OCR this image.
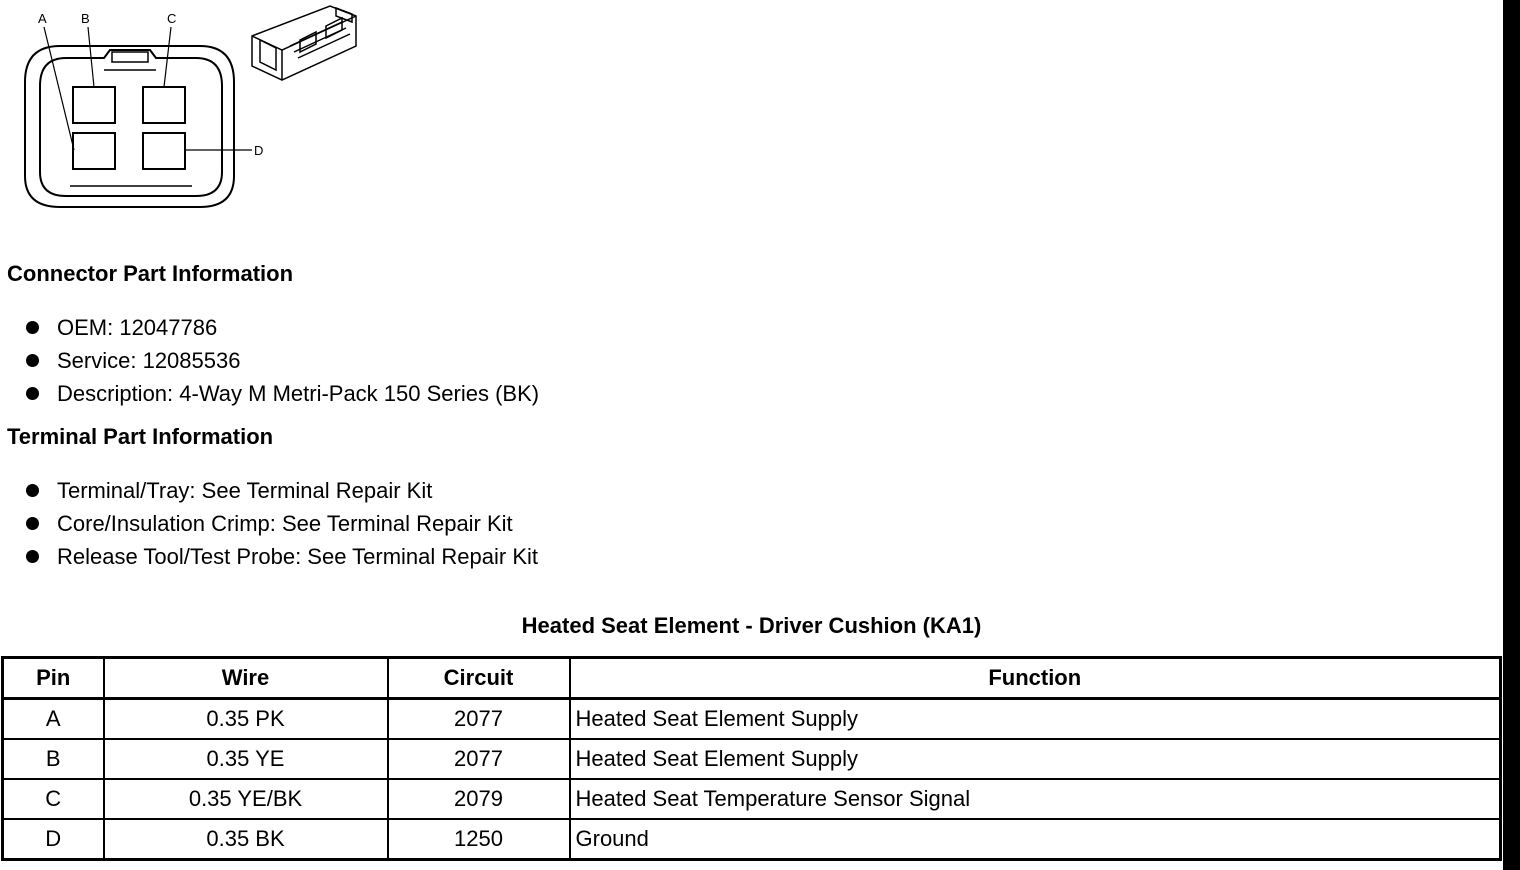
A	B	C
D
Connector Part Information
OEM: 12047786
Service: 12085536
Description: 4-Way M Metri-Pack 150 Series (BK)
Terminal Part Information
Terminal/Tray: See Terminal Repair Kit
Core/Insulation Crimp: See Terminal Repair Kit
Release Tool/Test Probe: See Terminal Repair Kit
Heated Seat Element - Driver Cushion (KA1)
Pin	Wire	Circuit	Function
A	0.35 PK	2077	Heated Seat Element Supply
B	0.35 YE	2077	Heated Seat Element Supply
C	0.35 YE/BK	2079	Heated Seat Temperature Sensor Signal
D	0.35 BK	1250	Ground
